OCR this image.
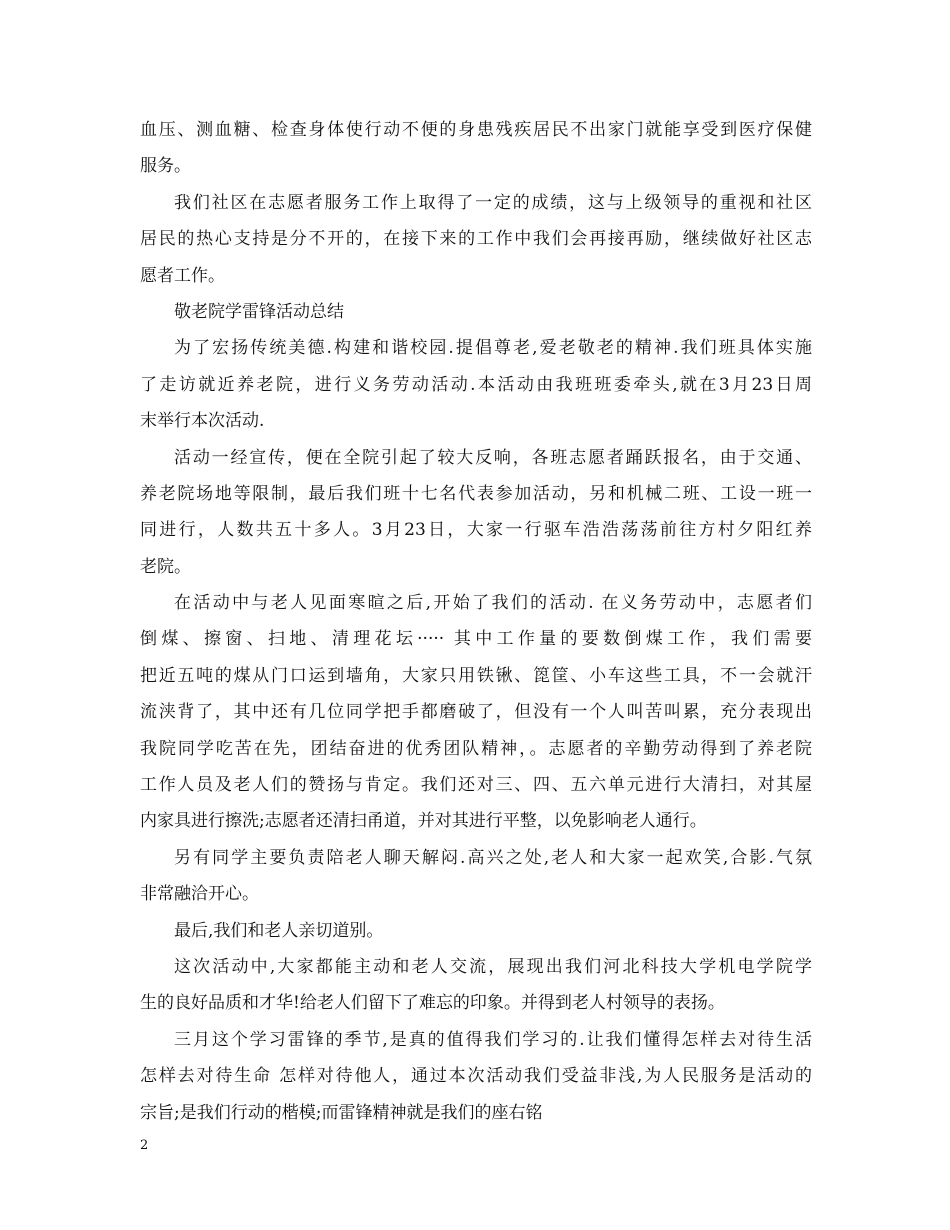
血压、测血糖、检查身体使行动不便的身患残疾居民不出家门就能享受到医疗保健
服务。
我们社区在志愿者服务工作上取得了一定的成绩，这与上级领导的重视和社区
居民的热心支持是分不开的，在接下来的工作中我们会再接再励，继续做好社区志
愿者工作。
敬老院学雷锋活动总结
为了宏扬传统美德.构建和谐校园.提倡尊老,爱老敬老的精神.我们班具体实施
了走访就近养老院，进行义务劳动活动.本活动由我班班委牵头,就在3月23日周
末举行本次活动.
活动一经宣传，便在全院引起了较大反响，各班志愿者踊跃报名，由于交通、
养老院场地等限制，最后我们班十七名代表参加活动，另和机械二班、工设一班一
同进行，人数共五十多人。3月23日，大家一行驱车浩浩荡荡前往方村夕阳红养
老院。
在活动中与老人见面寒暄之后,开始了我们的活动. 在义务劳动中，志愿者们
倒煤、擦窗、扫地、清理花坛····· 其中工作量的要数倒煤工作，我们需要
把近五吨的煤从门口运到墙角，大家只用铁锹、箆筐、小车这些工具，不一会就汗
流浃背了，其中还有几位同学把手都磨破了，但没有一个人叫苦叫累，充分表现出
我院同学吃苦在先，团结奋进的优秀团队精神，。志愿者的辛勤劳动得到了养老院
工作人员及老人们的赞扬与肯定。我们还对三、四、五六单元进行大清扫，对其屋
内家具进行擦洗;志愿者还清扫甬道，并对其进行平整，以免影响老人通行。
另有同学主要负责陪老人聊天解闷.高兴之处,老人和大家一起欢笑,合影.气氛
非常融洽开心。
最后,我们和老人亲切道别。
这次活动中,大家都能主动和老人交流，展现出我们河北科技大学机电学院学
生的良好品质和才华!给老人们留下了难忘的印象。并得到老人村领导的表扬。
三月这个学习雷锋的季节,是真的值得我们学习的.让我们懂得怎样去对待生活
怎样去对待生命 怎样对待他人，通过本次活动我们受益非浅,为人民服务是活动的
宗旨;是我们行动的楷模;而雷锋精神就是我们的座右铭
2
